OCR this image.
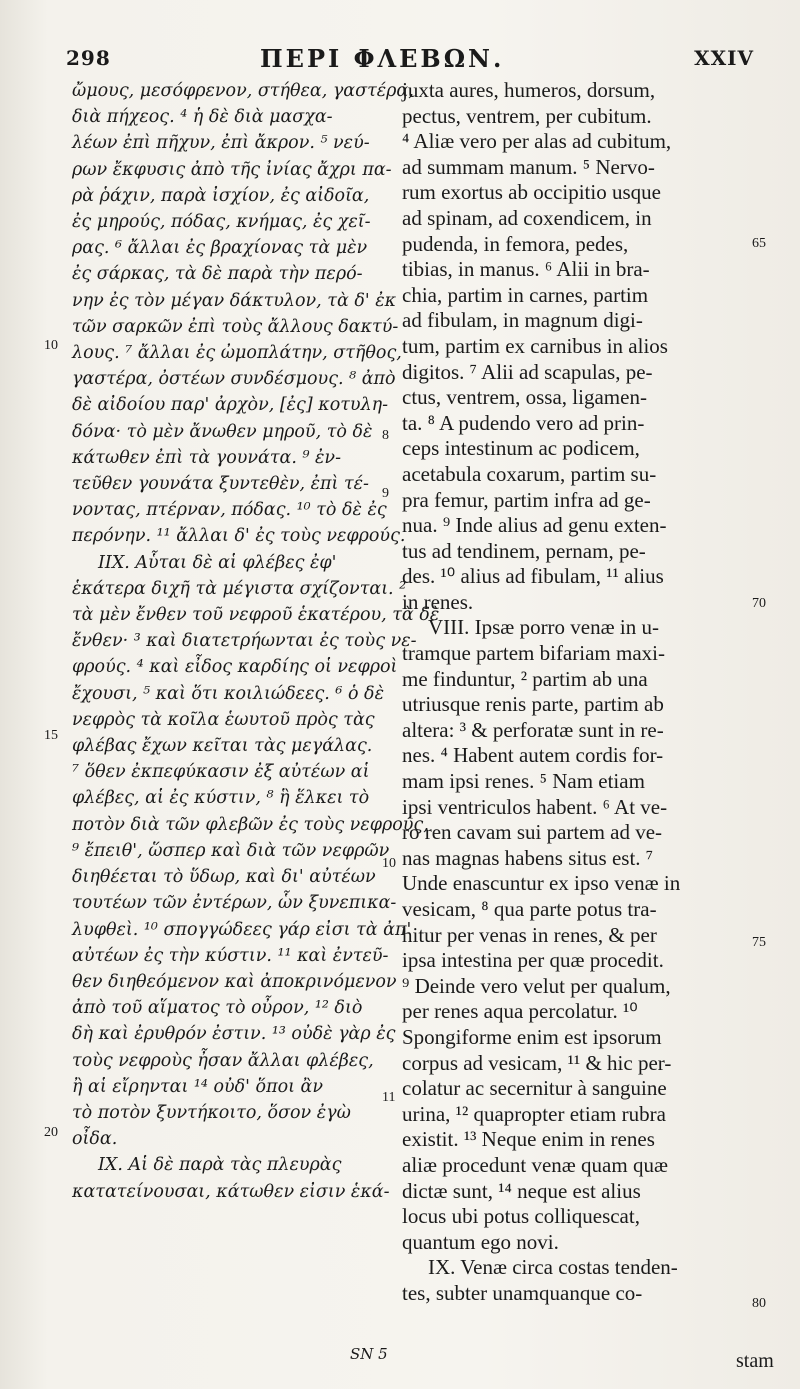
298	ΠΕΡΙ ΦΛΕΒΩΝ.	XXIV
ὤμους, μεσόφρενον, στήθεα, γαστέρα,
διὰ πήχεος. ⁴ ἡ δὲ διὰ μασχα-
λέων ἐπὶ πῆχυν, ἐπὶ ἄκρον. ⁵ νεύ-
ρων ἔκφυσις ἀπὸ τῆς ἰνίας ἄχρι πα-
ρὰ ῥάχιν, παρὰ ἰσχίον, ἐς αἰδοῖα,
ἐς μηρούς, πόδας, κνήμας, ἐς χεῖ-
ρας. ⁶ ἄλλαι ἐς βραχίονας τὰ μὲν
ἐς σάρκας, τὰ δὲ παρὰ τὴν περό-
νην ἐς τὸν μέγαν δάκτυλον, τὰ δ' ἐκ
τῶν σαρκῶν ἐπὶ τοὺς ἄλλους δακτύ-
λους. ⁷ ἄλλαι ἐς ὠμοπλάτην, στῆθος,
γαστέρα, ὀστέων συνδέσμους. ⁸ ἀπὸ
δὲ αἰδοίου παρ' ἀρχὸν, [ἐς] κοτυλη-
δόνα· τὸ μὲν ἄνωθεν μηροῦ, τὸ δὲ
κάτωθεν ἐπὶ τὰ γουνάτα. ⁹ ἐν-
τεῦθεν γουνάτα ξυντεθὲν, ἐπὶ τέ-
νοντας, πτέρναν, πόδας. ¹⁰ τὸ δὲ ἐς
περόνην. ¹¹ ἄλλαι δ' ἐς τοὺς νεφρούς.
IIX. Αὗται δὲ αἱ φλέβες ἐφ'
ἑκάτερα διχῆ τὰ μέγιστα σχίζονται. ²
τὰ μὲν ἔνθεν τοῦ νεφροῦ ἑκατέρου, τὰ δὲ
ἔνθεν· ³ καὶ διατετρήωνται ἐς τοὺς νε-
φρούς. ⁴ καὶ εἶδος καρδίης οἱ νεφροὶ
ἔχουσι, ⁵ καὶ ὅτι κοιλιώδεες. ⁶ ὁ δὲ
νεφρὸς τὰ κοῖλα ἑωυτοῦ πρὸς τὰς
φλέβας ἔχων κεῖται τὰς μεγάλας.
⁷ ὅθεν ἐκπεφύκασιν ἐξ αὐτέων αἱ
φλέβες, αἱ ἐς κύστιν, ⁸ ἣ ἕλκει τὸ
ποτὸν διὰ τῶν φλεβῶν ἐς τοὺς νεφρούς,
⁹ ἔπειθ', ὥσπερ καὶ διὰ τῶν νεφρῶν
διηθέεται τὸ ὕδωρ, καὶ δι' αὐτέων
τουτέων τῶν ἐντέρων, ὧν ξυνεπικα-
λυφθεὶ. ¹⁰ σπογγώδεες γάρ εἰσι τὰ ἀπ'
αὐτέων ἐς τὴν κύστιν. ¹¹ καὶ ἐντεῦ-
θεν διηθεόμενον καὶ ἀποκρινόμενον
ἀπὸ τοῦ αἵματος τὸ οὖρον, ¹² διὸ
δὴ καὶ ἐρυθρόν ἐστιν. ¹³ οὐδὲ γὰρ ἐς
τοὺς νεφροὺς ἦσαν ἄλλαι φλέβες,
ἢ αἱ εἴρηνται ¹⁴ οὐδ' ὅποι ἂν
τὸ ποτὸν ξυντήκοιτο, ὅσον ἐγὼ
οἶδα.
IX. Αἱ δὲ παρὰ τὰς πλευρὰς
κατατείνουσαι, κάτωθεν εἰσιν ἑκά-
juxta aures, humeros, dorsum,
pectus, ventrem, per cubitum.
⁴ Aliæ vero per alas ad cubitum,
ad summam manum. ⁵ Nervo-
rum exortus ab occipitio usque
ad spinam, ad coxendicem, in
pudenda, in femora, pedes,
tibias, in manus. ⁶ Alii in bra-
chia, partim in carnes, partim
ad fibulam, in magnum digi-
tum, partim ex carnibus in alios
digitos. ⁷ Alii ad scapulas, pe-
ctus, ventrem, ossa, ligamen-
ta. ⁸ A pudendo vero ad prin-
ceps intestinum ac podicem,
acetabula coxarum, partim su-
pra femur, partim infra ad ge-
nua. ⁹ Inde alius ad genu exten-
tus ad tendinem, pernam, pe-
des. ¹⁰ alius ad fibulam, ¹¹ alius
in renes.
VIII. Ipsæ porro venæ in u-
tramque partem bifariam maxi-
me finduntur, ² partim ab una
utriusque renis parte, partim ab
altera: ³ & perforatæ sunt in re-
nes. ⁴ Habent autem cordis for-
mam ipsi renes. ⁵ Nam etiam
ipsi ventriculos habent. ⁶ At ve-
ro ren cavam sui partem ad ve-
nas magnas habens situs est. ⁷
Unde enascuntur ex ipso venæ in
vesicam, ⁸ qua parte potus tra-
hitur per venas in renes, & per
ipsa intestina per quæ procedit.
⁹ Deinde vero velut per qualum,
per renes aqua percolatur. ¹⁰
Spongiforme enim est ipsorum
corpus ad vesicam, ¹¹ & hic per-
colatur ac secernitur à sanguine
urina, ¹² quapropter etiam rubra
existit. ¹³ Neque enim in renes
aliæ procedunt venæ quam quæ
dictæ sunt, ¹⁴ neque est alius
locus ubi potus colliquescat,
quantum ego novi.
IX. Venæ circa costas tenden-
tes, subter unamquanque co-
10
15
20
8
9
10
11
65
70
75
80
SN 5	stam
